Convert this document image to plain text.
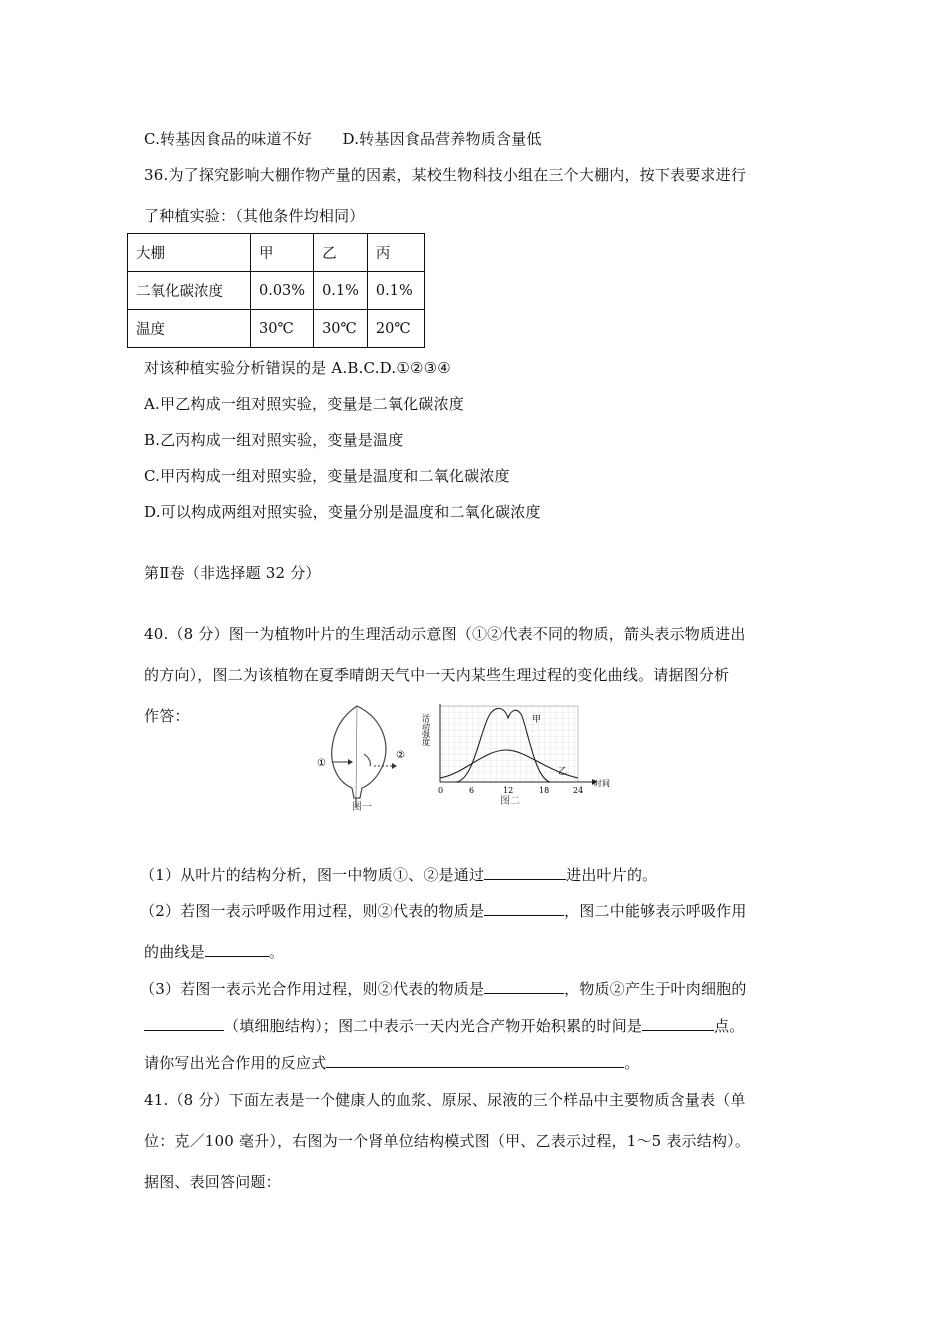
C.转基因食品的味道不好　　D.转基因食品营养物质含量低
36.为了探究影响大棚作物产量的因素，某校生物科技小组在三个大棚内，按下表要求进行
了种植实验：（其他条件均相同）
大棚	甲	乙	丙
二氧化碳浓度	0.03%	0.1%	0.1%
温度	30℃	30℃	20℃
对该种植实验分析错误的是 A.B.C.D.①②③④
A.甲乙构成一组对照实验，变量是二氧化碳浓度
B.乙丙构成一组对照实验，变量是温度
C.甲丙构成一组对照实验，变量是温度和二氧化碳浓度
D.可以构成两组对照实验，变量分别是温度和二氧化碳浓度
第Ⅱ卷（非选择题 32 分）
40.（8 分）图一为植物叶片的生理活动示意图（①②代表不同的物质，箭头表示物质进出
的方向），图二为该植物在夏季晴朗天气中一天内某些生理过程的变化曲线。请据图分析
作答：
①
②
图一
甲
乙
活动强度
0	6	12	18	24
时间
图二
（1）从叶片的结构分析，图一中物质①、②是通过	进出叶片的。
（2）若图一表示呼吸作用过程，则②代表的物质是	，图二中能够表示呼吸作用
的曲线是	。
（3）若图一表示光合作用过程，则②代表的物质是	，物质②产生于叶肉细胞的
（填细胞结构）；图二中表示一天内光合产物开始积累的时间是	点。
请你写出光合作用的反应式	。
41.（8 分）下面左表是一个健康人的血浆、原尿、尿液的三个样品中主要物质含量表（单
位：克／100 毫升），右图为一个肾单位结构模式图（甲、乙表示过程，1～5 表示结构）。
据图、表回答问题：
